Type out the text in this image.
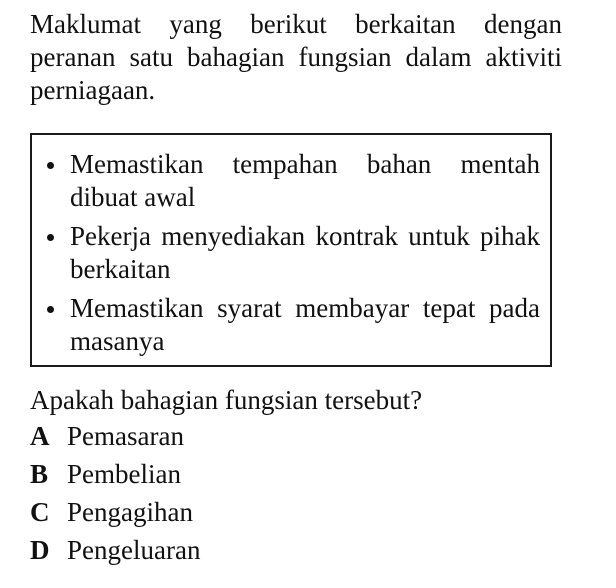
Maklumat yang berikut berkaitan dengan peranan satu bahagian fungsian dalam aktiviti perniagaan.

Memastikan tempahan bahan mentah dibuat awal
Pekerja menyediakan kontrak untuk pihak berkaitan
Memastikan syarat membayar tepat pada masanya

Apakah bahagian fungsian tersebut?

A Pemasaran
B Pembelian
C Pengagihan
D Pengeluaran
